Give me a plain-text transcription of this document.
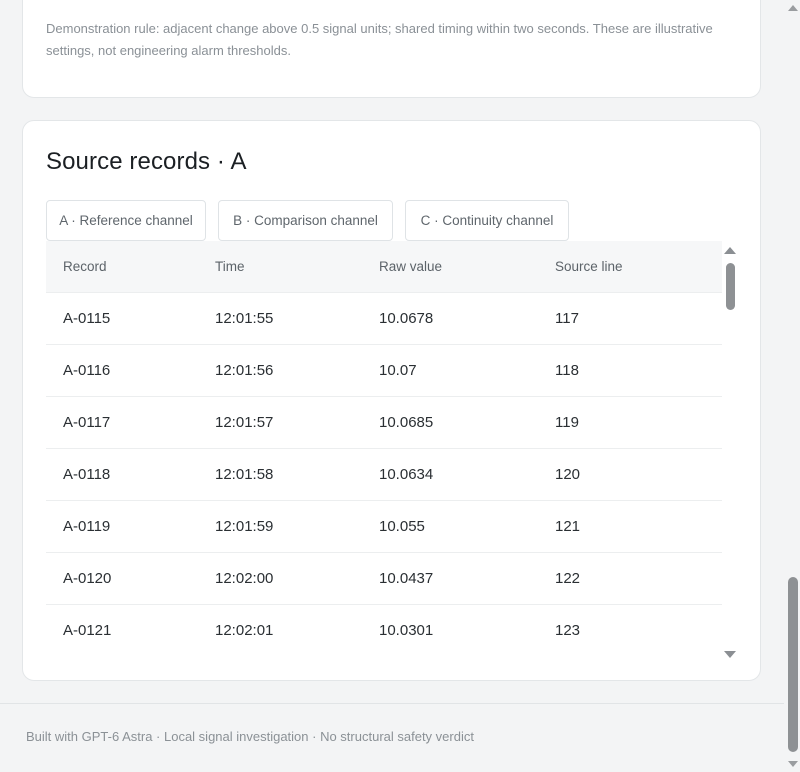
Demonstration rule: adjacent change above 0.5 signal units; shared timing within two seconds. These are illustrative settings, not engineering alarm thresholds.

Source records · A
A · Reference channel	B · Comparison channel	C · Continuity channel
Record	Time	Raw value	Source line
A-0115	12:01:55	10.0678	117
A-0116	12:01:56	10.07	118
A-0117	12:01:57	10.0685	119
A-0118	12:01:58	10.0634	120
A-0119	12:01:59	10.055	121
A-0120	12:02:00	10.0437	122
A-0121	12:02:01	10.0301	123
Built with GPT-6 Astra · Local signal investigation · No structural safety verdict
